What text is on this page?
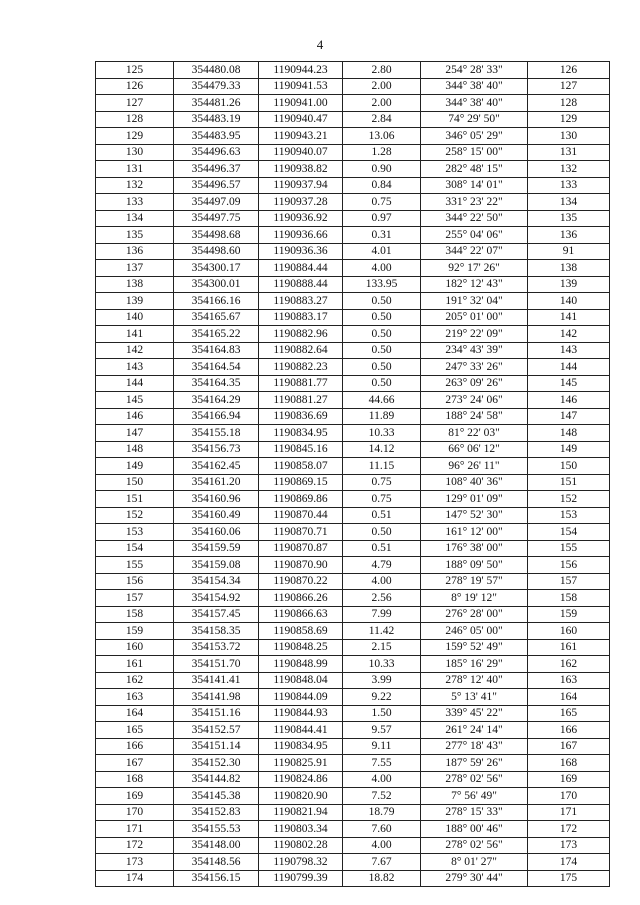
4
125	354480.08	1190944.23	2.80	254° 28' 33"	126
126	354479.33	1190941.53	2.00	344° 38' 40"	127
127	354481.26	1190941.00	2.00	344° 38' 40"	128
128	354483.19	1190940.47	2.84	74° 29' 50"	129
129	354483.95	1190943.21	13.06	346° 05' 29"	130
130	354496.63	1190940.07	1.28	258° 15' 00"	131
131	354496.37	1190938.82	0.90	282° 48' 15"	132
132	354496.57	1190937.94	0.84	308° 14' 01"	133
133	354497.09	1190937.28	0.75	331° 23' 22"	134
134	354497.75	1190936.92	0.97	344° 22' 50"	135
135	354498.68	1190936.66	0.31	255° 04' 06"	136
136	354498.60	1190936.36	4.01	344° 22' 07"	91
137	354300.17	1190884.44	4.00	92° 17' 26"	138
138	354300.01	1190888.44	133.95	182° 12' 43"	139
139	354166.16	1190883.27	0.50	191° 32' 04"	140
140	354165.67	1190883.17	0.50	205° 01' 00"	141
141	354165.22	1190882.96	0.50	219° 22' 09"	142
142	354164.83	1190882.64	0.50	234° 43' 39"	143
143	354164.54	1190882.23	0.50	247° 33' 26"	144
144	354164.35	1190881.77	0.50	263° 09' 26"	145
145	354164.29	1190881.27	44.66	273° 24' 06"	146
146	354166.94	1190836.69	11.89	188° 24' 58"	147
147	354155.18	1190834.95	10.33	81° 22' 03"	148
148	354156.73	1190845.16	14.12	66° 06' 12"	149
149	354162.45	1190858.07	11.15	96° 26' 11"	150
150	354161.20	1190869.15	0.75	108° 40' 36"	151
151	354160.96	1190869.86	0.75	129° 01' 09"	152
152	354160.49	1190870.44	0.51	147° 52' 30"	153
153	354160.06	1190870.71	0.50	161° 12' 00"	154
154	354159.59	1190870.87	0.51	176° 38' 00"	155
155	354159.08	1190870.90	4.79	188° 09' 50"	156
156	354154.34	1190870.22	4.00	278° 19' 57"	157
157	354154.92	1190866.26	2.56	8° 19' 12"	158
158	354157.45	1190866.63	7.99	276° 28' 00"	159
159	354158.35	1190858.69	11.42	246° 05' 00"	160
160	354153.72	1190848.25	2.15	159° 52' 49"	161
161	354151.70	1190848.99	10.33	185° 16' 29"	162
162	354141.41	1190848.04	3.99	278° 12' 40"	163
163	354141.98	1190844.09	9.22	5° 13' 41"	164
164	354151.16	1190844.93	1.50	339° 45' 22"	165
165	354152.57	1190844.41	9.57	261° 24' 14"	166
166	354151.14	1190834.95	9.11	277° 18' 43"	167
167	354152.30	1190825.91	7.55	187° 59' 26"	168
168	354144.82	1190824.86	4.00	278° 02' 56"	169
169	354145.38	1190820.90	7.52	7° 56' 49"	170
170	354152.83	1190821.94	18.79	278° 15' 33"	171
171	354155.53	1190803.34	7.60	188° 00' 46"	172
172	354148.00	1190802.28	4.00	278° 02' 56"	173
173	354148.56	1190798.32	7.67	8° 01' 27"	174
174	354156.15	1190799.39	18.82	279° 30' 44"	175
